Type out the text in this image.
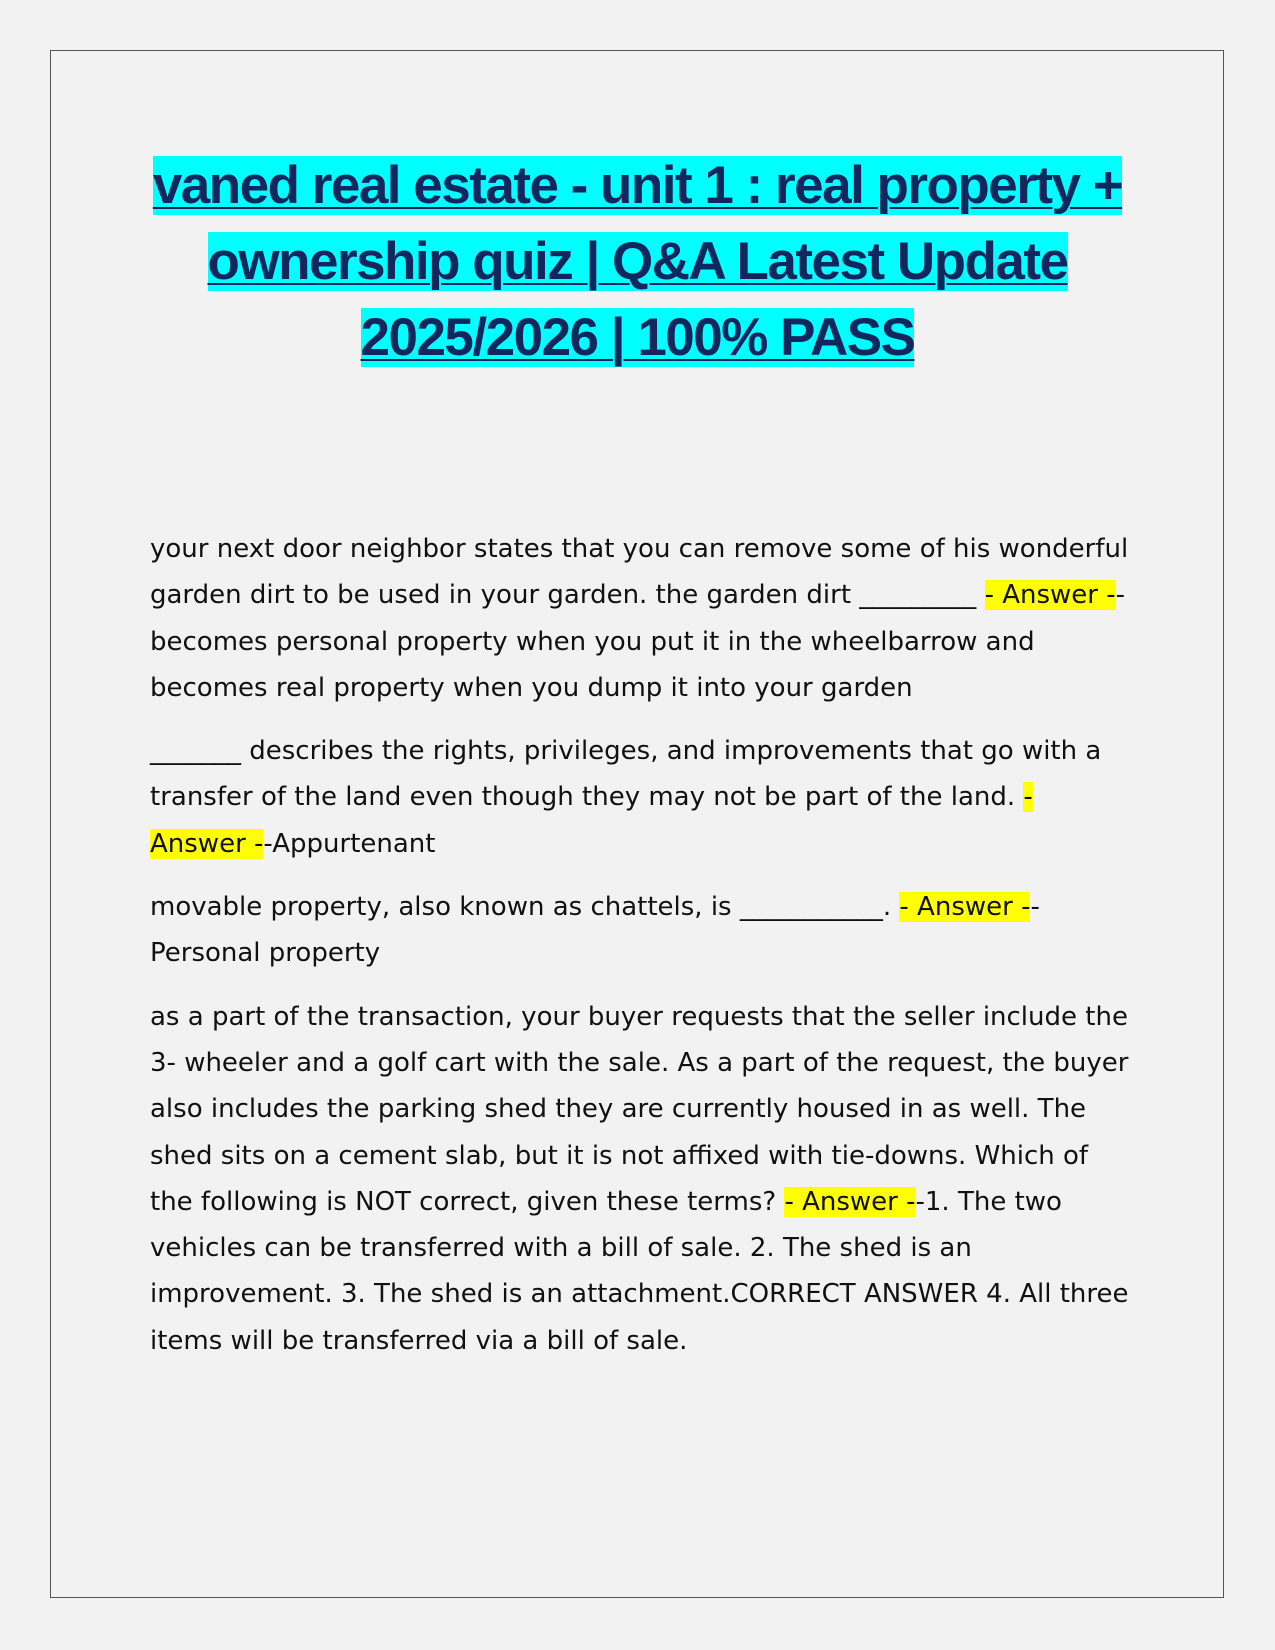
vaned real estate - unit 1 : real property + ownership quiz | Q&A Latest Update 2025/2026 | 100% PASS

your next door neighbor states that you can remove some of his wonderful garden dirt to be used in your garden. the garden dirt _________ - Answer --becomes personal property when you put it in the wheelbarrow and becomes real property when you dump it into your garden

_______ describes the rights, privileges, and improvements that go with a transfer of the land even though they may not be part of the land. - Answer --Appurtenant

movable property, also known as chattels, is ___________. - Answer --Personal property

as a part of the transaction, your buyer requests that the seller include the 3- wheeler and a golf cart with the sale. As a part of the request, the buyer also includes the parking shed they are currently housed in as well. The shed sits on a cement slab, but it is not affixed with tie-downs. Which of the following is NOT correct, given these terms? - Answer --1. The two vehicles can be transferred with a bill of sale. 2. The shed is an improvement. 3. The shed is an attachment.CORRECT ANSWER 4. All three items will be transferred via a bill of sale.
